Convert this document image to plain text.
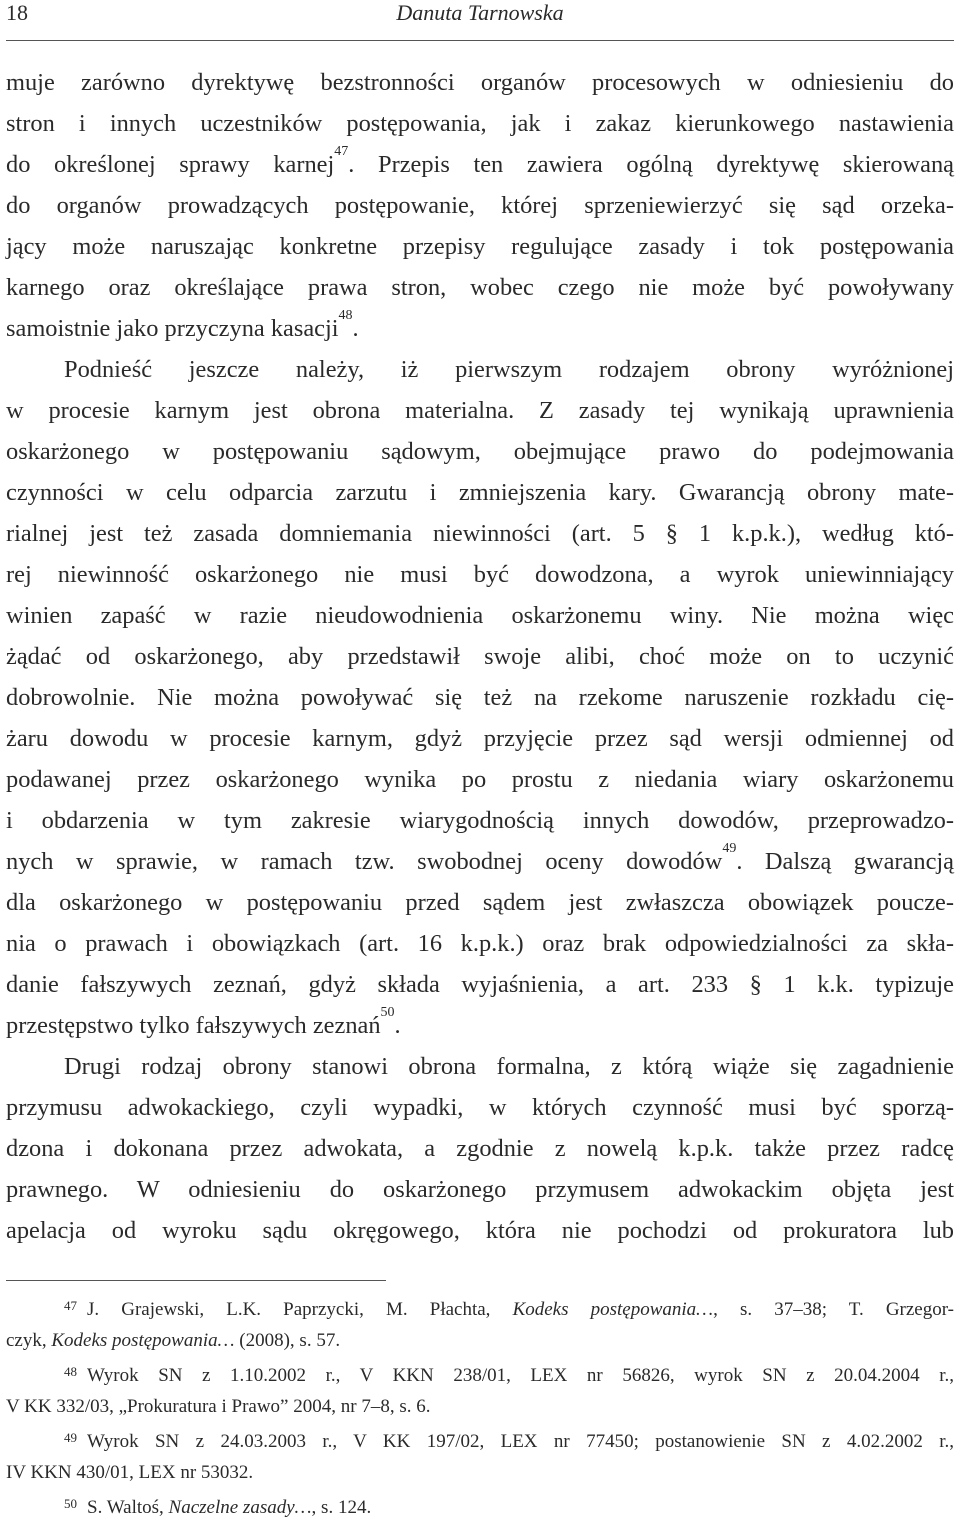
18	Danuta Tarnowska
muje zarówno dyrektywę bezstronności organów procesowych w odniesieniu do
stron i innych uczestników postępowania, jak i zakaz kierunkowego nastawienia
do określonej sprawy karnej$^{47}$. Przepis ten zawiera ogólną dyrektywę skierowaną
do organów prowadzących postępowanie, której sprzeniewierzyć się sąd orzeka-
jący może naruszając konkretne przepisy regulujące zasady i tok postępowania
karnego oraz określające prawa stron, wobec czego nie może być powoływany
samoistnie jako przyczyna kasacji$^{48}$.
Podnieść jeszcze należy, iż pierwszym rodzajem obrony wyróżnionej
w procesie karnym jest obrona materialna. Z zasady tej wynikają uprawnienia
oskarżonego w postępowaniu sądowym, obejmujące prawo do podejmowania
czynności w celu odparcia zarzutu i zmniejszenia kary. Gwarancją obrony mate-
rialnej jest też zasada domniemania niewinności (art. 5 § 1 k.p.k.), według któ-
rej niewinność oskarżonego nie musi być dowodzona, a wyrok uniewinniający
winien zapaść w razie nieudowodnienia oskarżonemu winy. Nie można więc
żądać od oskarżonego, aby przedstawił swoje alibi, choć może on to uczynić
dobrowolnie. Nie można powoływać się też na rzekome naruszenie rozkładu cię-
żaru dowodu w procesie karnym, gdyż przyjęcie przez sąd wersji odmiennej od
podawanej przez oskarżonego wynika po prostu z niedania wiary oskarżonemu
i obdarzenia w tym zakresie wiarygodnością innych dowodów, przeprowadzo-
nych w sprawie, w ramach tzw. swobodnej oceny dowodów$^{49}$. Dalszą gwarancją
dla oskarżonego w postępowaniu przed sądem jest zwłaszcza obowiązek poucze-
nia o prawach i obowiązkach (art. 16 k.p.k.) oraz brak odpowiedzialności za skła-
danie fałszywych zeznań, gdyż składa wyjaśnienia, a art. 233 § 1 k.k. typizuje
przestępstwo tylko fałszywych zeznań$^{50}$.
Drugi rodzaj obrony stanowi obrona formalna, z którą wiąże się zagadnienie
przymusu adwokackiego, czyli wypadki, w których czynność musi być sporzą-
dzona i dokonana przez adwokata, a zgodnie z nowelą k.p.k. także przez radcę
prawnego. W odniesieniu do oskarżonego przymusem adwokackim objęta jest
apelacja od wyroku sądu okręgowego, która nie pochodzi od prokuratora lub
$^{47}$ J. Grajewski, L.K. Paprzycki, M. Płachta, Kodeks postępowania…, s. 37–38; T. Grzegor-
czyk, Kodeks postępowania… (2008), s. 57.
$^{48}$ Wyrok SN z 1.10.2002 r., V KKN 238/01, LEX nr 56826, wyrok SN z 20.04.2004 r.,
V KK 332/03, „Prokuratura i Prawo” 2004, nr 7–8, s. 6.
$^{49}$ Wyrok SN z 24.03.2003 r., V KK 197/02, LEX nr 77450; postanowienie SN z 4.02.2002 r.,
IV KKN 430/01, LEX nr 53032.
$^{50}$ S. Waltoś, Naczelne zasady…, s. 124.
